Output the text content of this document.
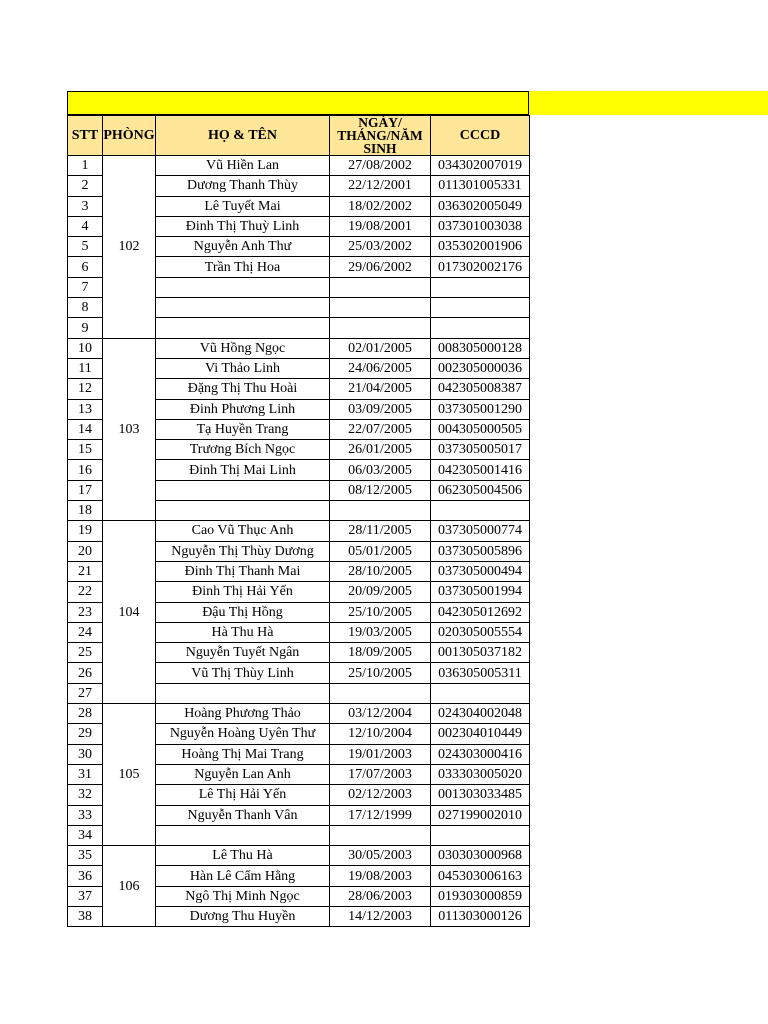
STT	PHÒNG	HỌ & TÊN	NGÀY/ THÁNG/NĂM SINH	CCCD
1	102	Vũ Hiền Lan	27/08/2002	034302007019
2		Dương Thanh Thùy	22/12/2001	011301005331
3		Lê Tuyết Mai	18/02/2002	036302005049
4		Đinh Thị Thuỳ Linh	19/08/2001	037301003038
5		Nguyễn Anh Thư	25/03/2002	035302001906
6		Trần Thị Hoa	29/06/2002	017302002176
7				
8				
9				
10	103	Vũ Hồng Ngọc	02/01/2005	008305000128
11		Vi Thảo Linh	24/06/2005	002305000036
12		Đặng Thị Thu Hoài	21/04/2005	042305008387
13		Đinh Phương Linh	03/09/2005	037305001290
14		Tạ Huyền Trang	22/07/2005	004305000505
15		Trương Bích Ngọc	26/01/2005	037305005017
16		Đinh Thị Mai Linh	06/03/2005	042305001416
17			08/12/2005	062305004506
18				
19	104	Cao Vũ Thục Anh	28/11/2005	037305000774
20		Nguyễn Thị Thùy Dương	05/01/2005	037305005896
21		Đinh Thị Thanh Mai	28/10/2005	037305000494
22		Đinh Thị Hải Yến	20/09/2005	037305001994
23		Đậu Thị Hồng	25/10/2005	042305012692
24		Hà Thu Hà	19/03/2005	020305005554
25		Nguyễn Tuyết Ngân	18/09/2005	001305037182
26		Vũ Thị Thùy Linh	25/10/2005	036305005311
27				
28	105	Hoàng Phương Thảo	03/12/2004	024304002048
29		Nguyễn Hoàng Uyên Thư	12/10/2004	002304010449
30		Hoàng Thị Mai Trang	19/01/2003	024303000416
31		Nguyễn Lan Anh	17/07/2003	033303005020
32		Lê Thị Hải Yến	02/12/2003	001303033485
33		Nguyễn Thanh Vân	17/12/1999	027199002010
34				
35	106	Lê Thu Hà	30/05/2003	030303000968
36		Hàn Lê Cẩm Hằng	19/08/2003	045303006163
37		Ngô Thị Minh Ngọc	28/06/2003	019303000859
38		Dương Thu Huyền	14/12/2003	011303000126
